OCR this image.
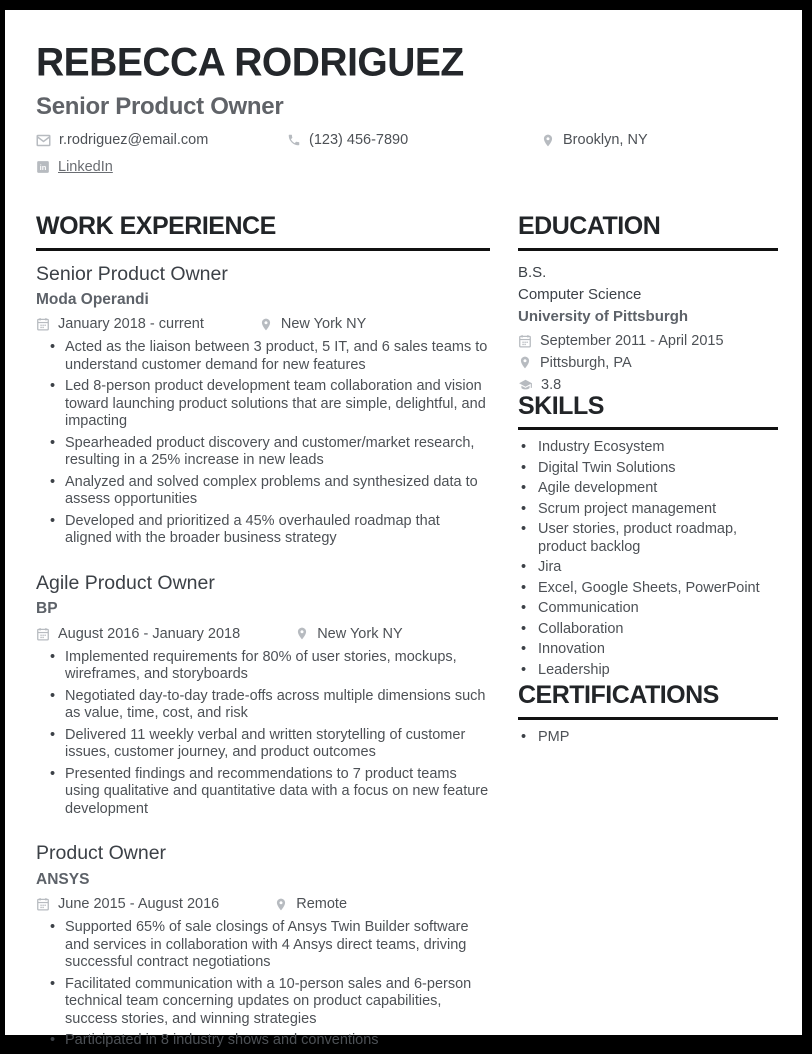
REBECCA RODRIGUEZ
Senior Product Owner
r.rodriguez@email.com	(123) 456-7890	Brooklyn, NY
in LinkedIn
WORK EXPERIENCE
Senior Product Owner
Moda Operandi
January 2018 - current	New York NY
• Acted as the liaison between 3 product, 5 IT, and 6 sales teams to understand customer demand for new features
• Led 8-person product development team collaboration and vision toward launching product solutions that are simple, delightful, and impacting
• Spearheaded product discovery and customer/market research, resulting in a 25% increase in new leads
• Analyzed and solved complex problems and synthesized data to assess opportunities
• Developed and prioritized a 45% overhauled roadmap that aligned with the broader business strategy
Agile Product Owner
BP
August 2016 - January 2018	New York NY
• Implemented requirements for 80% of user stories, mockups, wireframes, and storyboards
• Negotiated day-to-day trade-offs across multiple dimensions such as value, time, cost, and risk
• Delivered 11 weekly verbal and written storytelling of customer issues, customer journey, and product outcomes
• Presented findings and recommendations to 7 product teams using qualitative and quantitative data with a focus on new feature development
Product Owner
ANSYS
June 2015 - August 2016	Remote
• Supported 65% of sale closings of Ansys Twin Builder software and services in collaboration with 4 Ansys direct teams, driving successful contract negotiations
• Facilitated communication with a 10-person sales and 6-person technical team concerning updates on product capabilities, success stories, and winning strategies
• Participated in 8 industry shows and conventions
EDUCATION
B.S.
Computer Science
University of Pittsburgh
September 2011 - April 2015
Pittsburgh, PA
3.8
SKILLS
• Industry Ecosystem
• Digital Twin Solutions
• Agile development
• Scrum project management
• User stories, product roadmap, product backlog
• Jira
• Excel, Google Sheets, PowerPoint
• Communication
• Collaboration
• Innovation
• Leadership
CERTIFICATIONS
• PMP
